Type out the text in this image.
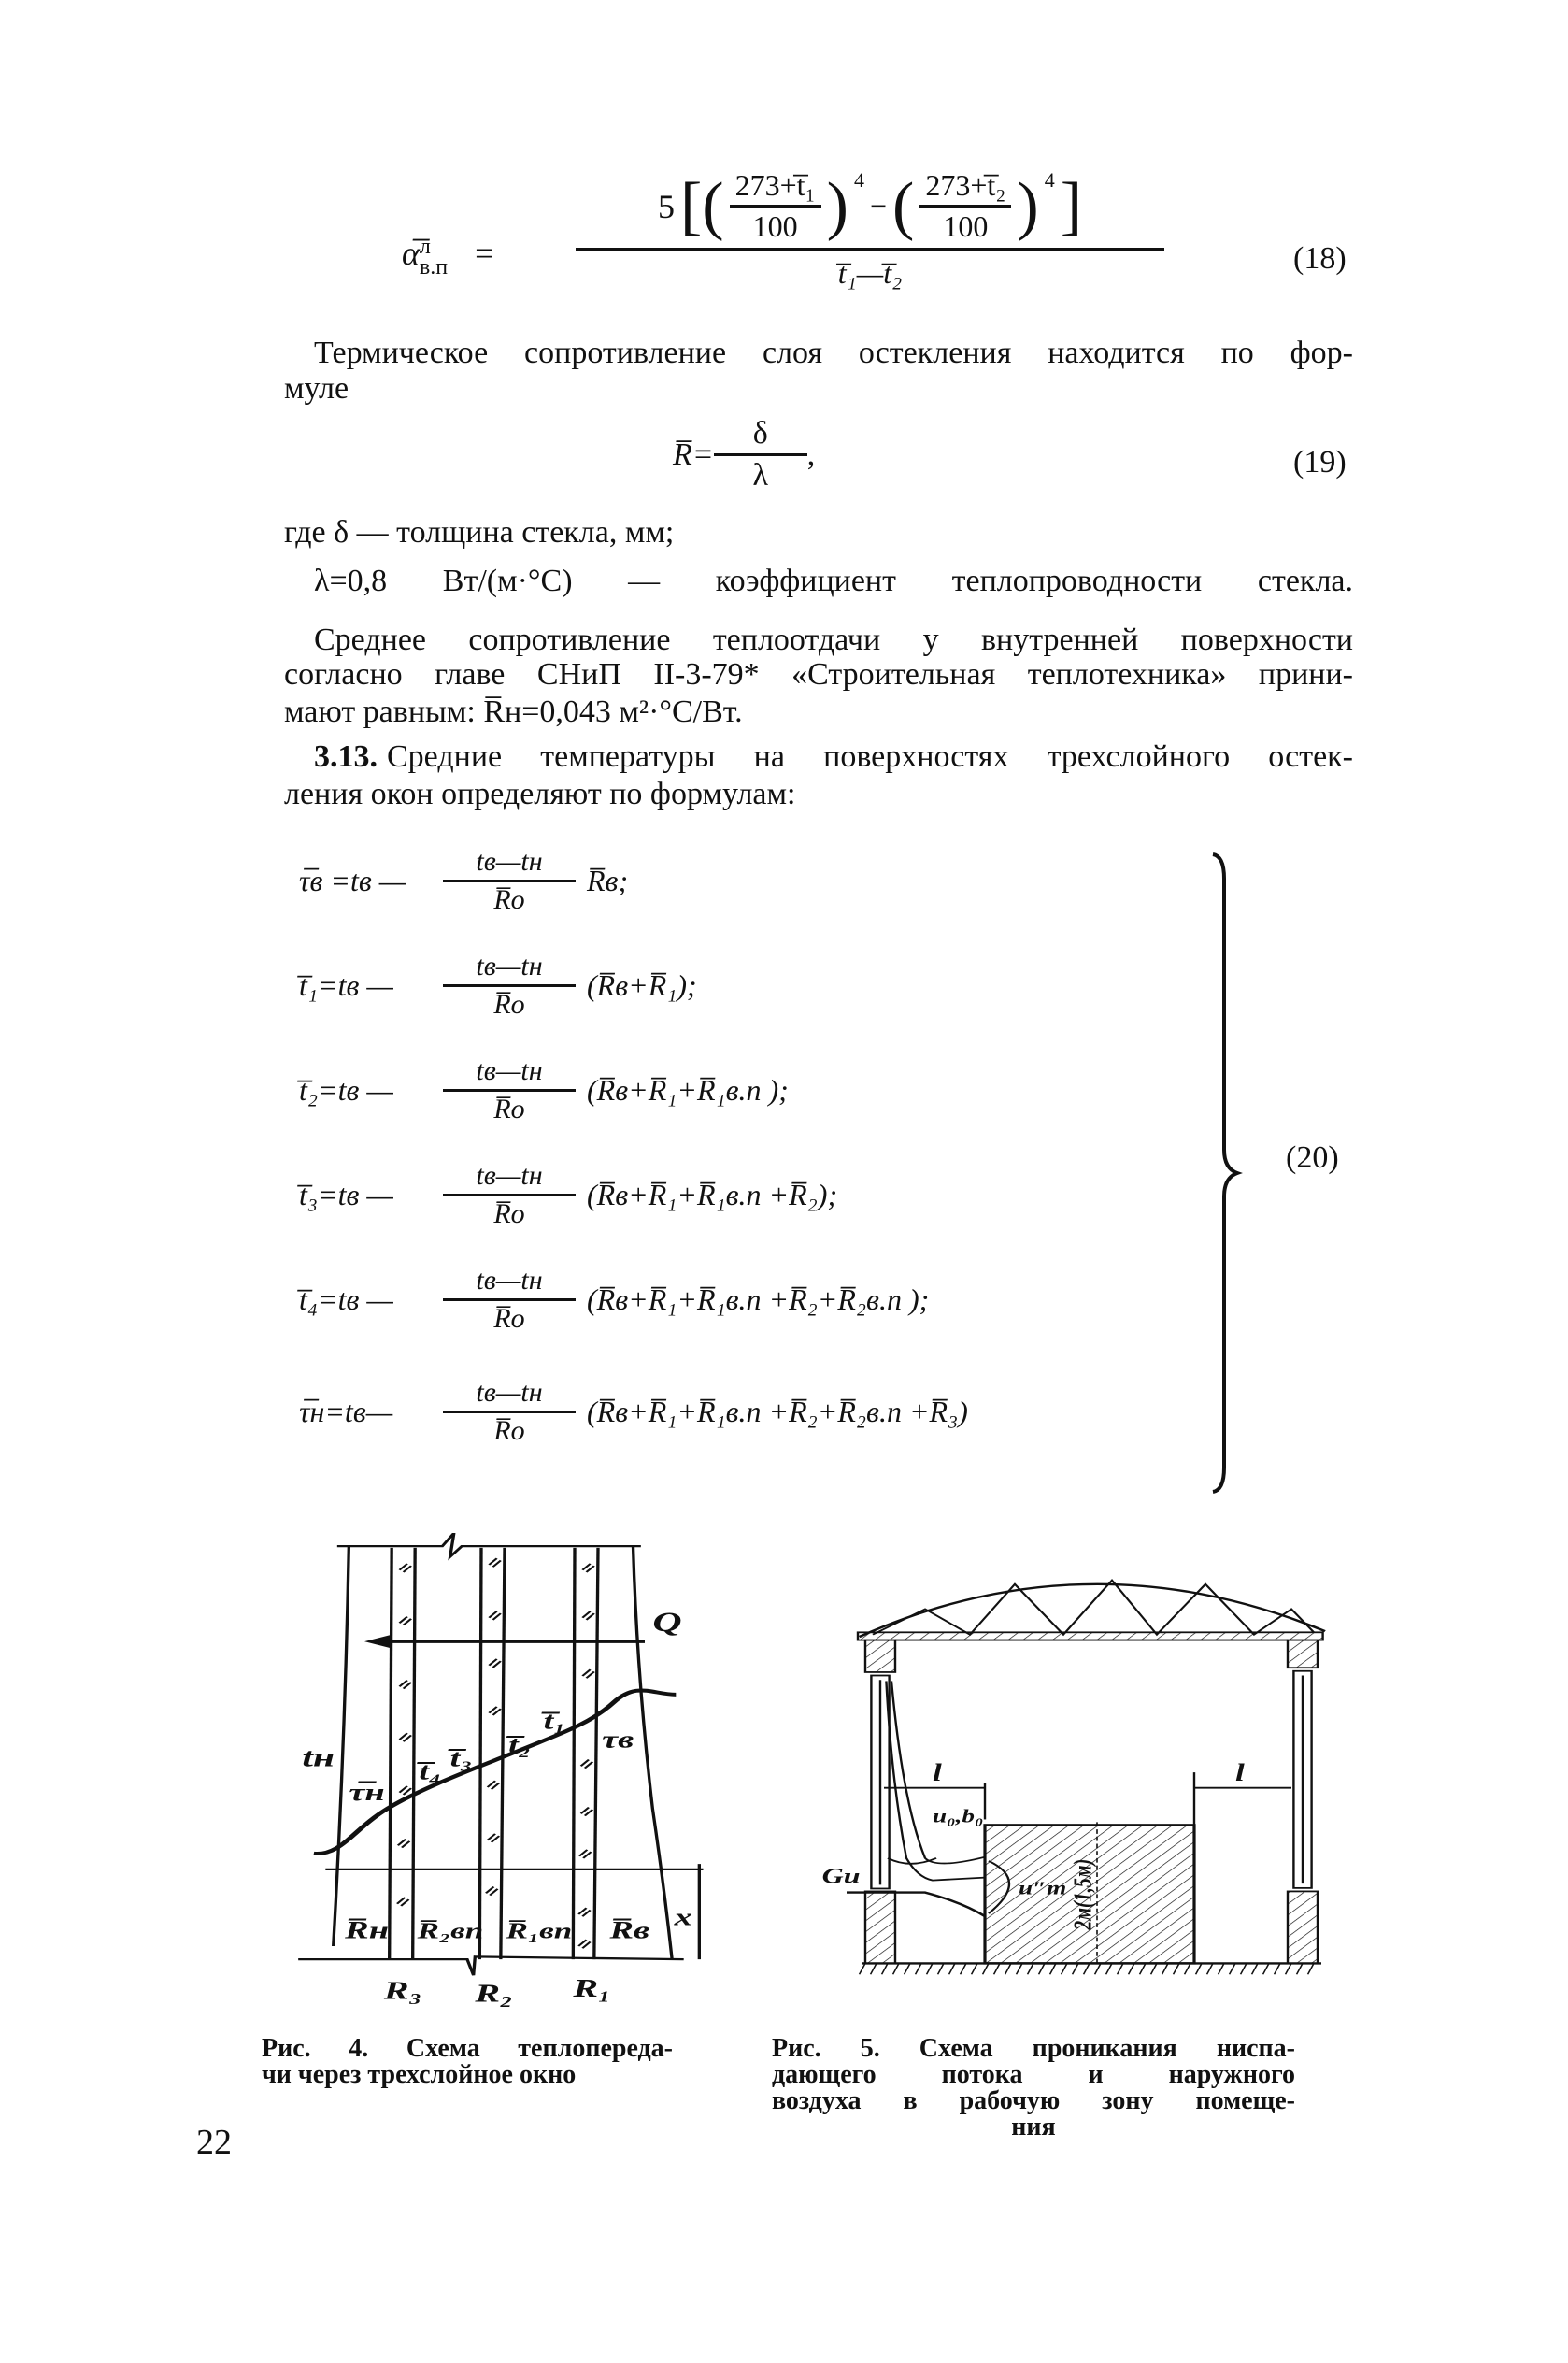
α̅ л
в.п =
5 [( $\frac{\text{273+t̅₁}}{100}$ ) $^4$
− ( $\frac{\text{273+t̅₂}}{100}$ ) $^4$ ]
t̅₁—t̅₂	(18)
Термическое сопротивление слоя остекления находится по фор-
муле
R̅= $\frac{\delta}{\lambda}$ ,	(19)
где δ — толщина стекла, мм;
λ=0,8 Вт/(м·°С) — коэффициент теплопроводности стекла.
Среднее сопротивление теплоотдачи у внутренней поверхности
согласно главе СНиП II-3-79* «Строительная теплотехника» прини-
мают равным: R̅н=0,043 м²·°С/Вт.
3.13. Средние температуры на поверхностях трехслойного остек-
ления окон определяют по формулам:
τ̅в =tв —	$\frac{tв—tн}{R̅о}$ R̅в;
t̅₁=tв —	$\frac{tв—tн}{R̅о}$ (R̅в+R̅₁);
t̅₂=tв —	$\frac{tв—tн}{R̅о}$ (R̅в+R̅₁+R̅₁в.п );
t̅₃=tв —	$\frac{tв—tн}{R̅о}$ (R̅в+R̅₁+R̅₁в.п +R̅₂);
t̅₄=tв —	$\frac{tв—tн}{R̅о}$ (R̅в+R̅₁+R̅₁в.п +R̅₂+R̅₂в.п );
τ̅н=tв—	$\frac{tв—tн}{R̅о}$ (R̅в+R̅₁+R̅₁в.п +R̅₂+R̅₂в.п +R̅₃)
(20)
Q
tн
τ̅н
t̅₄ t̅₃ t̅₂
t̅₁
τв
R̅н R̅₂вп R̅₁вп R̅в
R₃ R₂ R₁
x
l	l
u₀,b₀
Gu
u″m 2м(1,5м)
Рис. 4. Схема теплопереда-
чи через трехслойное окно
Рис. 5. Схема проникания ниспа-
дающего потока и наружного
воздуха в рабочую зону помеще-
ния
22
